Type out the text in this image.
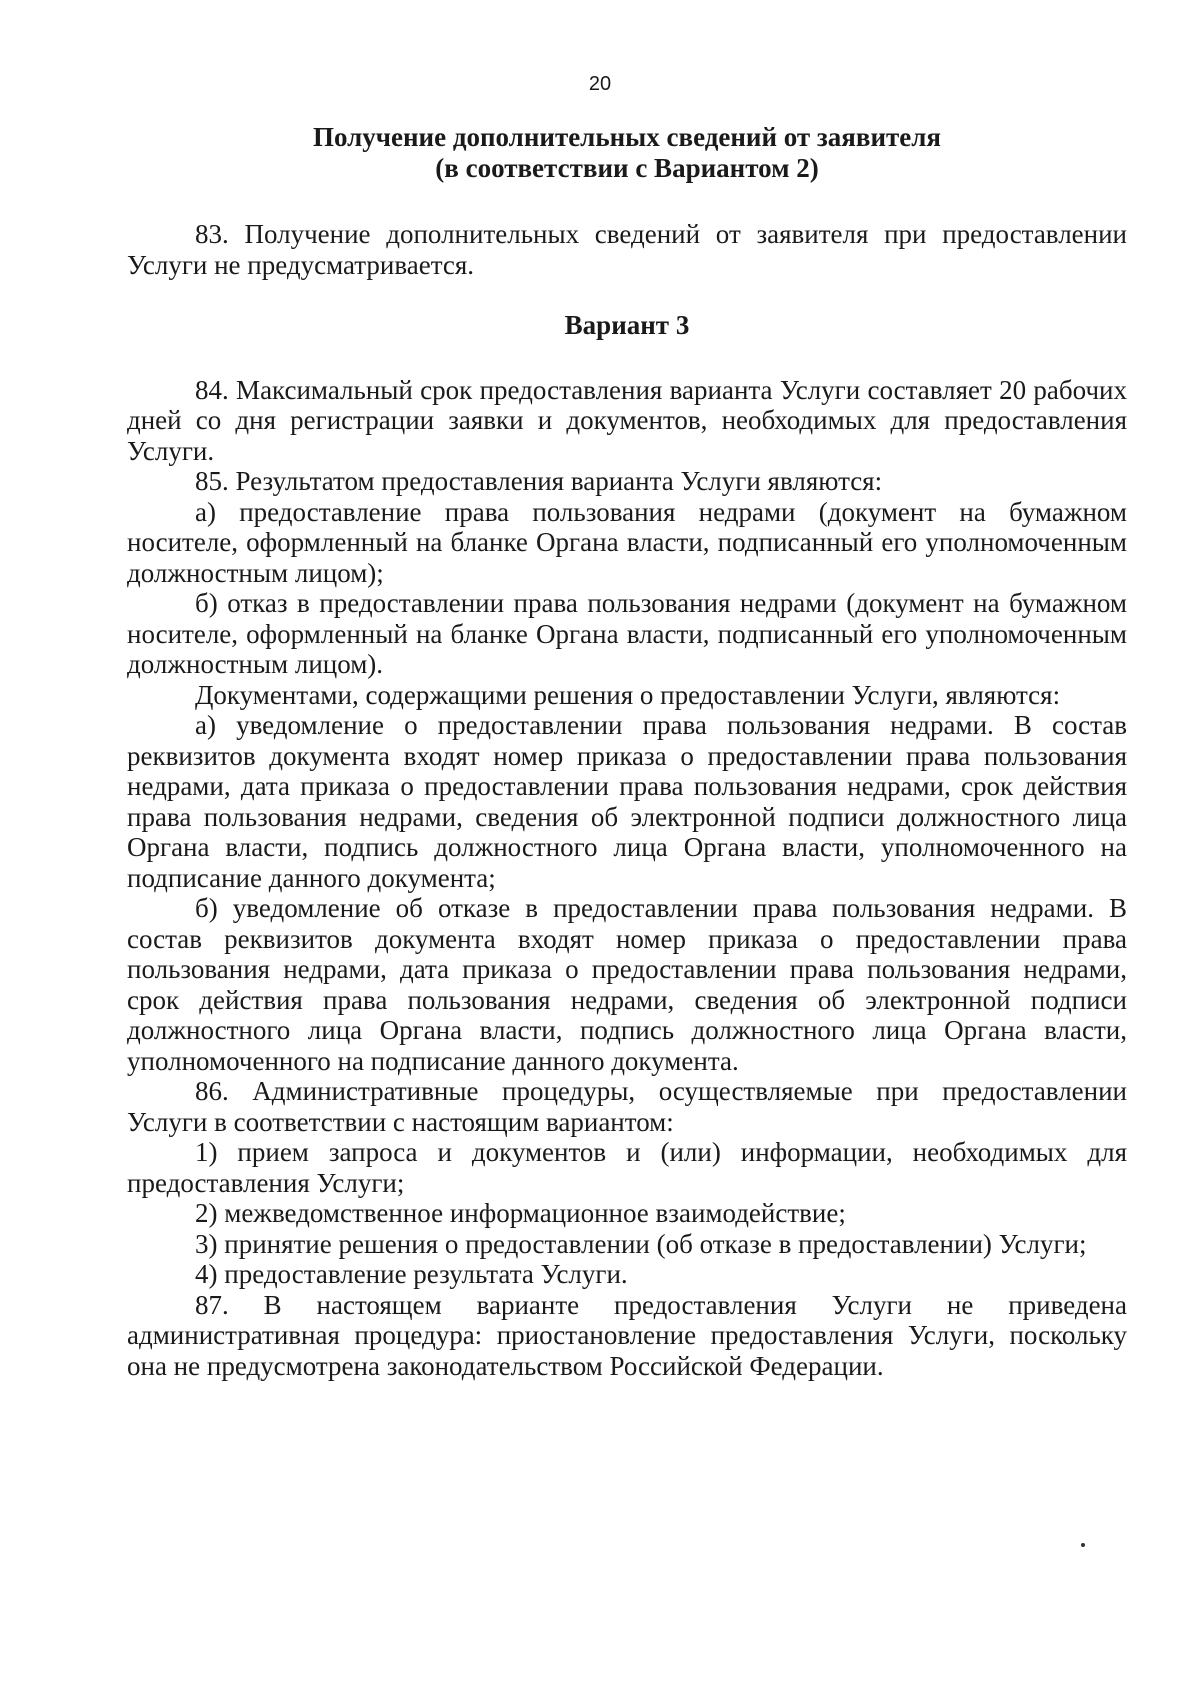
20

Получение дополнительных сведений от заявителя

(в соответствии с Вариантом 2)

83. Получение дополнительных сведений от заявителя при предоставлении Услуги не предусматривается.

Вариант 3

84. Максимальный срок предоставления варианта Услуги составляет 20 рабочих дней со дня регистрации заявки и документов, необходимых для предоставления Услуги.

85. Результатом предоставления варианта Услуги являются:

а) предоставление права пользования недрами (документ на бумажном носителе, оформленный на бланке Органа власти, подписанный его уполномоченным должностным лицом);

б) отказ в предоставлении права пользования недрами (документ на бумажном носителе, оформленный на бланке Органа власти, подписанный его уполномоченным должностным лицом).

Документами, содержащими решения о предоставлении Услуги, являются:

а) уведомление о предоставлении права пользования недрами. В состав реквизитов документа входят номер приказа о предоставлении права пользования недрами, дата приказа о предоставлении права пользования недрами, срок действия права пользования недрами, сведения об электронной подписи должностного лица Органа власти, подпись должностного лица Органа власти, уполномоченного на подписание данного документа;

б) уведомление об отказе в предоставлении права пользования недрами. В состав реквизитов документа входят номер приказа о предоставлении права пользования недрами, дата приказа о предоставлении права пользования недрами, срок действия права пользования недрами, сведения об электронной подписи должностного лица Органа власти, подпись должностного лица Органа власти, уполномоченного на подписание данного документа.

86. Административные процедуры, осуществляемые при предоставлении Услуги в соответствии с настоящим вариантом:

1) прием запроса и документов и (или) информации, необходимых для предоставления Услуги;

2) межведомственное информационное взаимодействие;

3) принятие решения о предоставлении (об отказе в предоставлении) Услуги;

4) предоставление результата Услуги.

87. В настоящем варианте предоставления Услуги не приведена административная процедура: приостановление предоставления Услуги, поскольку она не предусмотрена законодательством Российской Федерации.
